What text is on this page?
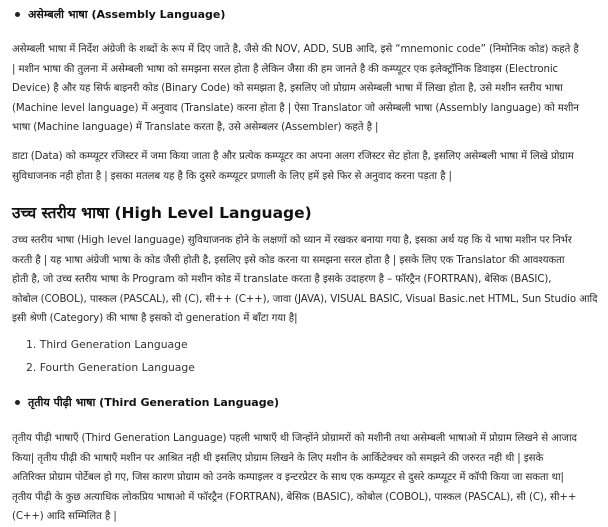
असेम्बली भाषा (Assembly Language)
असेम्बली भाषा में निर्देश अंग्रेजी के शब्दों के रूप में दिए जाते है, जैसे की NOV, ADD, SUB आदि, इसे “mnemonic code” (निमोनिक कोड) कहते है
| मशीन भाषा की तुलना में असेम्बली भाषा को समझना सरल होता है लेकिन जैसा की हम जानते है की कम्प्यूटर एक इलेक्ट्रॉनिक डिवाइस (Electronic
Device) है और यह सिर्फ बाइनरी कोड (Binary Code) को समझता है, इसलिए जो प्रोग्राम असेम्बली भाषा में लिखा होता है, उसे मशीन स्तरीय भाषा
(Machine level language) में अनुवाद (Translate) करना होता है | ऐसा Translator जो असेम्बली भाषा (Assembly language) को मशीन
भाषा (Machine language) में Translate करता है, उसे असेम्बलर (Assembler) कहते है |
डाटा (Data) को कम्प्यूटर रजिस्टर में जमा किया जाता है और प्रत्येक कम्प्यूटर का अपना अलग रजिस्टर सेट होता है, इसलिए असेम्बली भाषा में लिखे प्रोग्राम
सुविधाजनक नही होता है | इसका मतलब यह है कि दुसरे कम्प्यूटर प्रणाली के लिए हमें इसे फिर से अनुवाद करना पड़ता है |
उच्च स्तरीय भाषा (High Level Language)
उच्च स्तरीय भाषा (High level language) सुविधाजनक होने के लक्षणों को ध्यान में रखकर बनाया गया है, इसका अर्थ यह कि ये भाषा मशीन पर निर्भर
करती है | यह भाषा अंग्रेजी भाषा के कोड जैसी होती है, इसलिए इसे कोड करना या समझना सरल होता है | इसके लिए एक Translator की आवश्यकता
होती है, जो उच्च स्तरीय भाषा के Program को मशीन कोड में translate करता है इसके उदाहरण है – फॉरट्रैन (FORTRAN), बेसिक (BASIC),
कोबोल (COBOL), पास्कल (PASCAL), सी (C), सी++ (C++), जावा (JAVA), VISUAL BASIC, Visual Basic.net HTML, Sun Studio आदि
इसी श्रेणी (Category) की भाषा है इसको दो generation में बाँटा गया है|
1. Third Generation Language
2. Fourth Generation Language
तृतीय पीढ़ी भाषा (Third Generation Language)
तृतीय पीढ़ी भाषाएँ (Third Generation Language) पहली भाषाएँ थी जिन्होंने प्रोग्रामरों को मशीनी तथा असेम्बली भाषाओ में प्रोग्राम लिखने से आजाद
किया| तृतीय पीढ़ी की भाषाएँ मशीन पर आश्रित नही थी इसलिए प्रोग्राम लिखने के लिए मशीन के आर्किटेक्चर को समझने की जरुरत नही थी | इसके
अतिरिक्त प्रोग्राम पोर्टेबल हो गए, जिस कारण प्रोग्राम को उनके कम्पाइलर व इन्टरप्रेटर के साथ एक कम्प्यूटर से दुसरे कम्प्यूटर में कॉपी किया जा सकता था|
तृतीय पीढ़ी के कुछ अत्याधिक लोकप्रिय भाषाओ में फॉरट्रैन (FORTRAN), बेसिक (BASIC), कोबोल (COBOL), पास्कल (PASCAL), सी (C), सी++
(C++) आदि सम्मिलित है |
